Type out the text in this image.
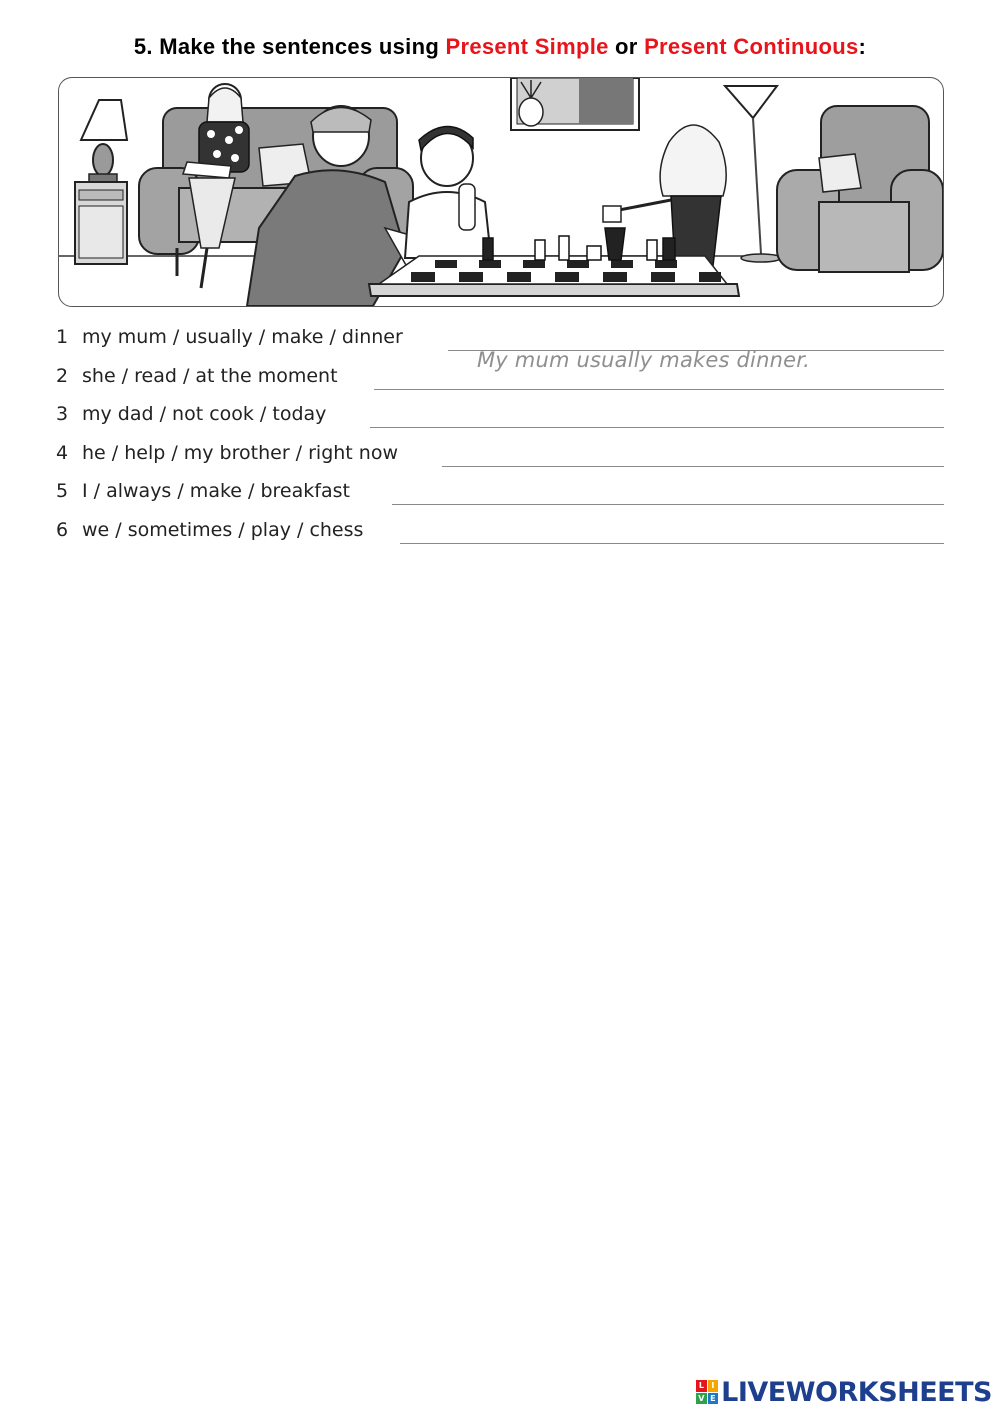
5. Make the sentences using Present Simple or Present Continuous:
1 my mum / usually / make / dinner
My mum usually makes dinner.
2 she / read / at the moment
3 my dad / not cook / today
4 he / help / my brother / right now
5 I / always / make / breakfast
6 we / sometimes / play / chess
L I
V E LIVEWORKSHEETS
